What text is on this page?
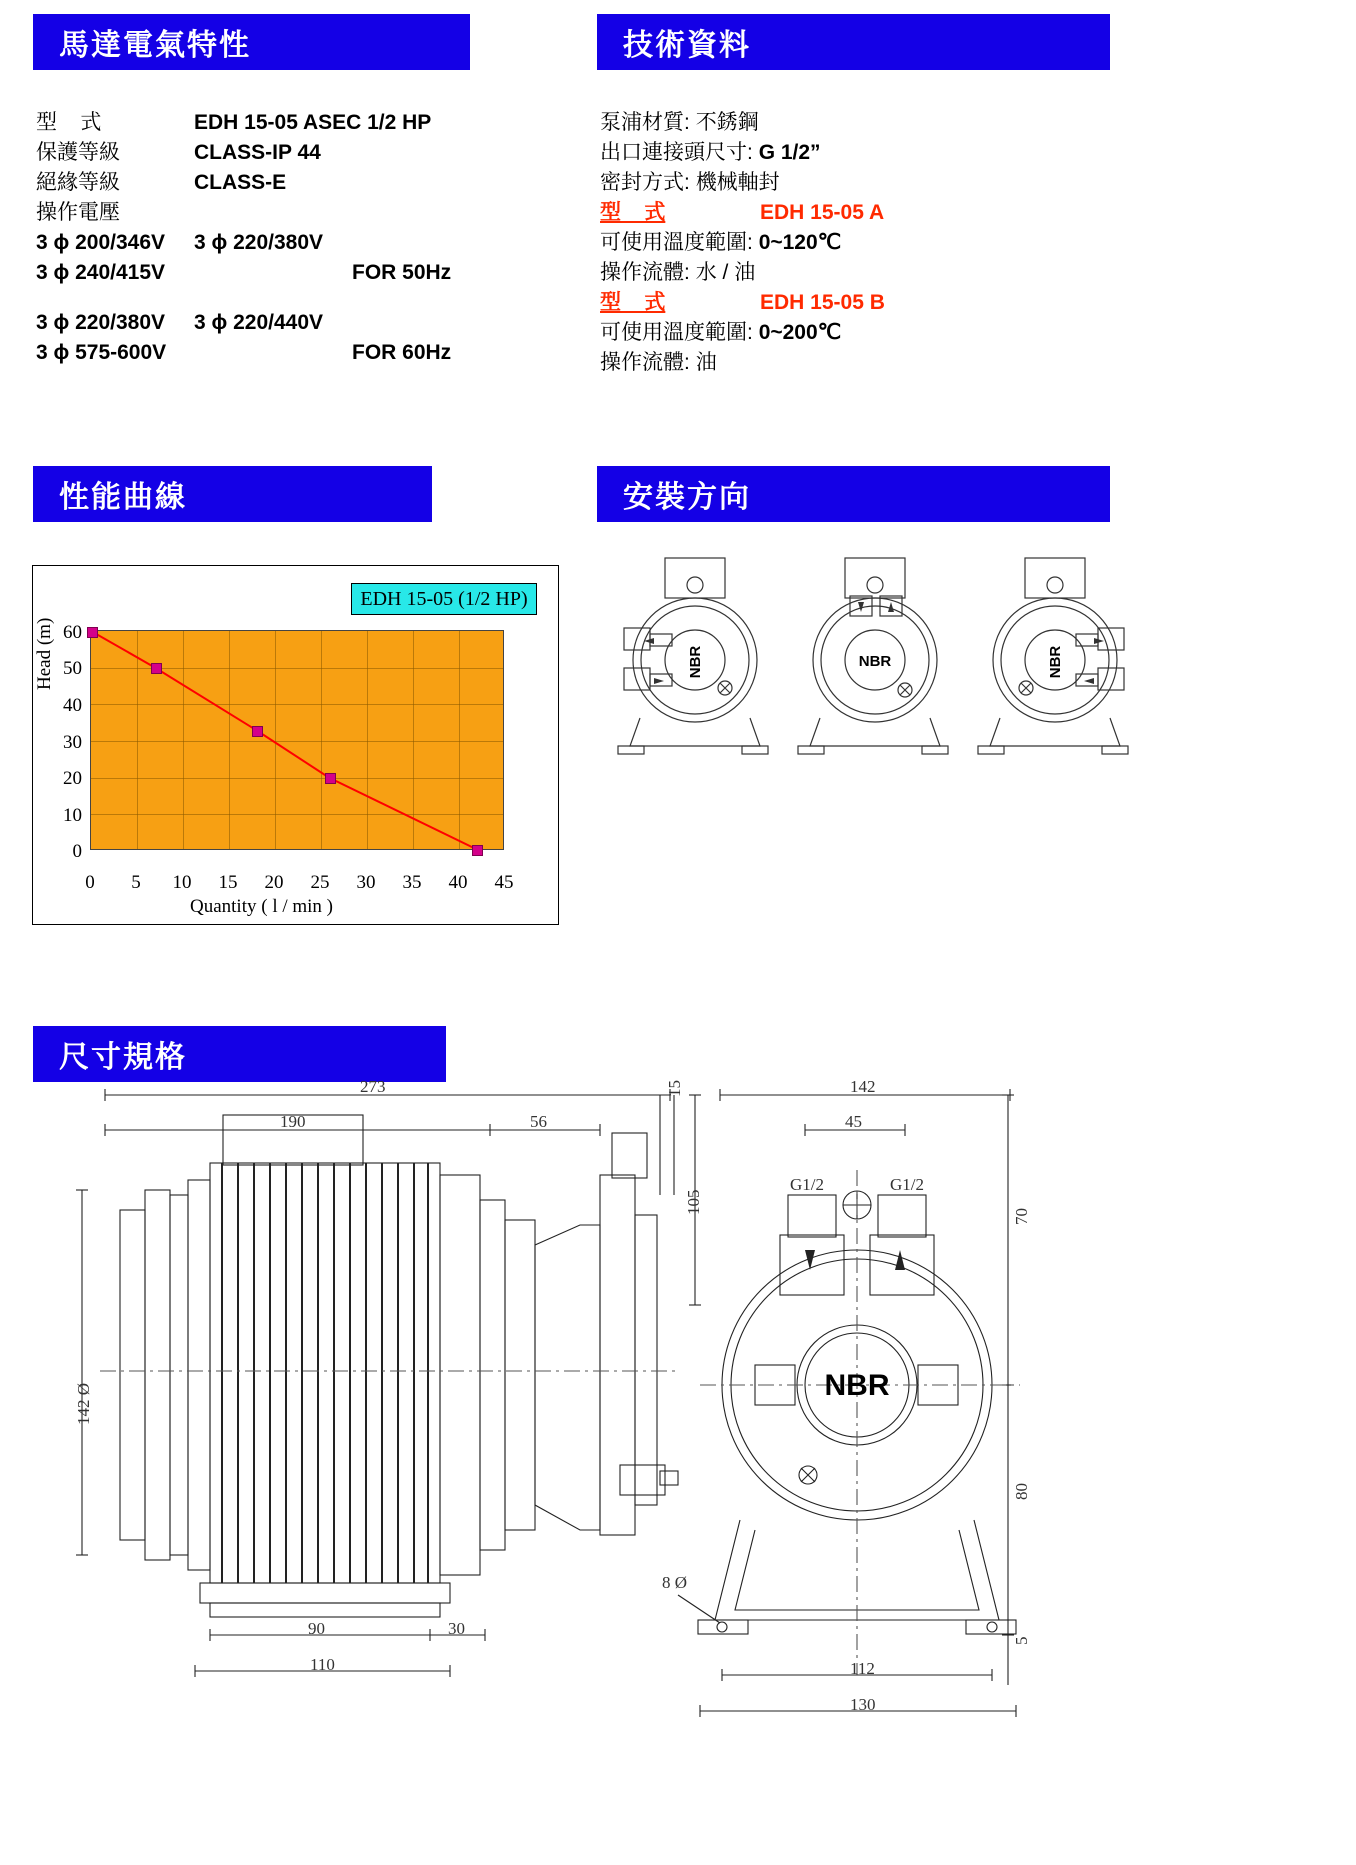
馬達電氣特性	技術資料
性能曲線	安裝方向
尺寸規格
型    式	EDH 15-05 ASEC 1/2 HP
保護等級	CLASS-IP 44
絕緣等級	CLASS-E
操作電壓
3 ɸ 200/346V	3 ɸ 220/380V
3 ɸ 240/415V	FOR 50Hz
3 ɸ 220/380V	3 ɸ 220/440V
3 ɸ 575-600V	FOR 60Hz
泵浦材質:
不銹鋼
出口連接頭尺寸:
G 1/2”
密封方式:
機械軸封
型    式	EDH 15-05 A
可使用溫度範圍:
0~120℃
操作流體:
水 / 油
型    式	EDH 15-05 B
可使用溫度範圍:
0~200℃
操作流體:
油
EDH 15-05 (1/2 HP)
60
50
40
30
20
10
0
0	5	10	15	20	25	30	35	40	45
Head (m)
Quantity ( l / min )
NBR	NBR	NBR
NBR
273
190	56
15
142 Ø
90	30
110
142
45
105
70
80
5
112
130
8 Ø
G1/2	G1/2
